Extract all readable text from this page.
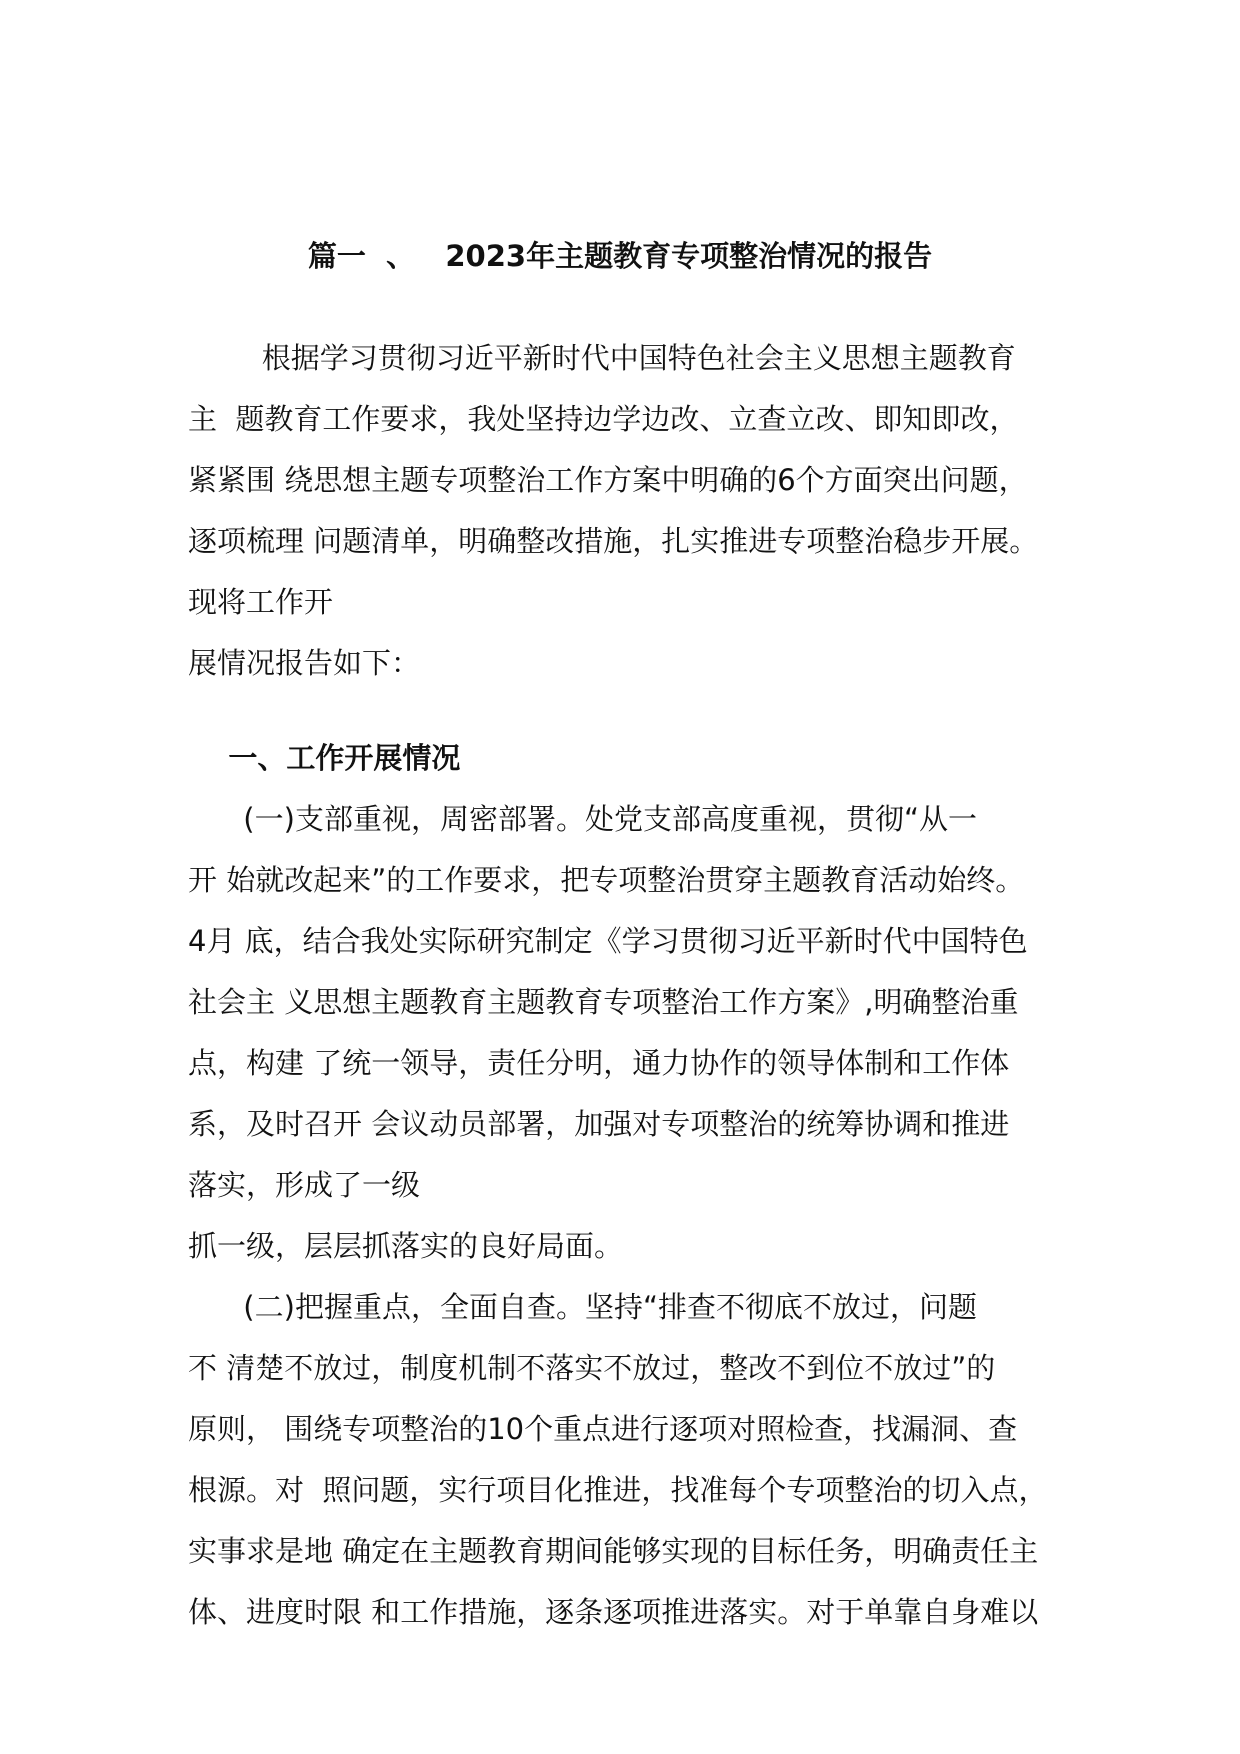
篇一  、   2023年主题教育专项整治情况的报告
根据学习贯彻习近平新时代中国特色社会主义思想主题教育
主  题教育工作要求，我处坚持边学边改、立查立改、即知即改，
紧紧围 绕思想主题专项整治工作方案中明确的6个方面突出问题，
逐项梳理 问题清单，明确整改措施，扎实推进专项整治稳步开展。
现将工作开
展情况报告如下：
一、工作开展情况
(一)支部重视，周密部署。处党支部高度重视，贯彻“从一
开 始就改起来”的工作要求，把专项整治贯穿主题教育活动始终。
4月 底，结合我处实际研究制定《学习贯彻习近平新时代中国特色
社会主 义思想主题教育主题教育专项整治工作方案》,明确整治重
点，构建 了统一领导，责任分明，通力协作的领导体制和工作体
系，及时召开 会议动员部署，加强对专项整治的统筹协调和推进
落实，形成了一级
抓一级，层层抓落实的良好局面。
(二)把握重点，全面自查。坚持“排查不彻底不放过，问题
不 清楚不放过，制度机制不落实不放过，整改不到位不放过”的
原则， 围绕专项整治的10个重点进行逐项对照检查，找漏洞、查
根源。对  照问题，实行项目化推进，找准每个专项整治的切入点，
实事求是地 确定在主题教育期间能够实现的目标任务，明确责任主
体、进度时限 和工作措施，逐条逐项推进落实。对于单靠自身难以
